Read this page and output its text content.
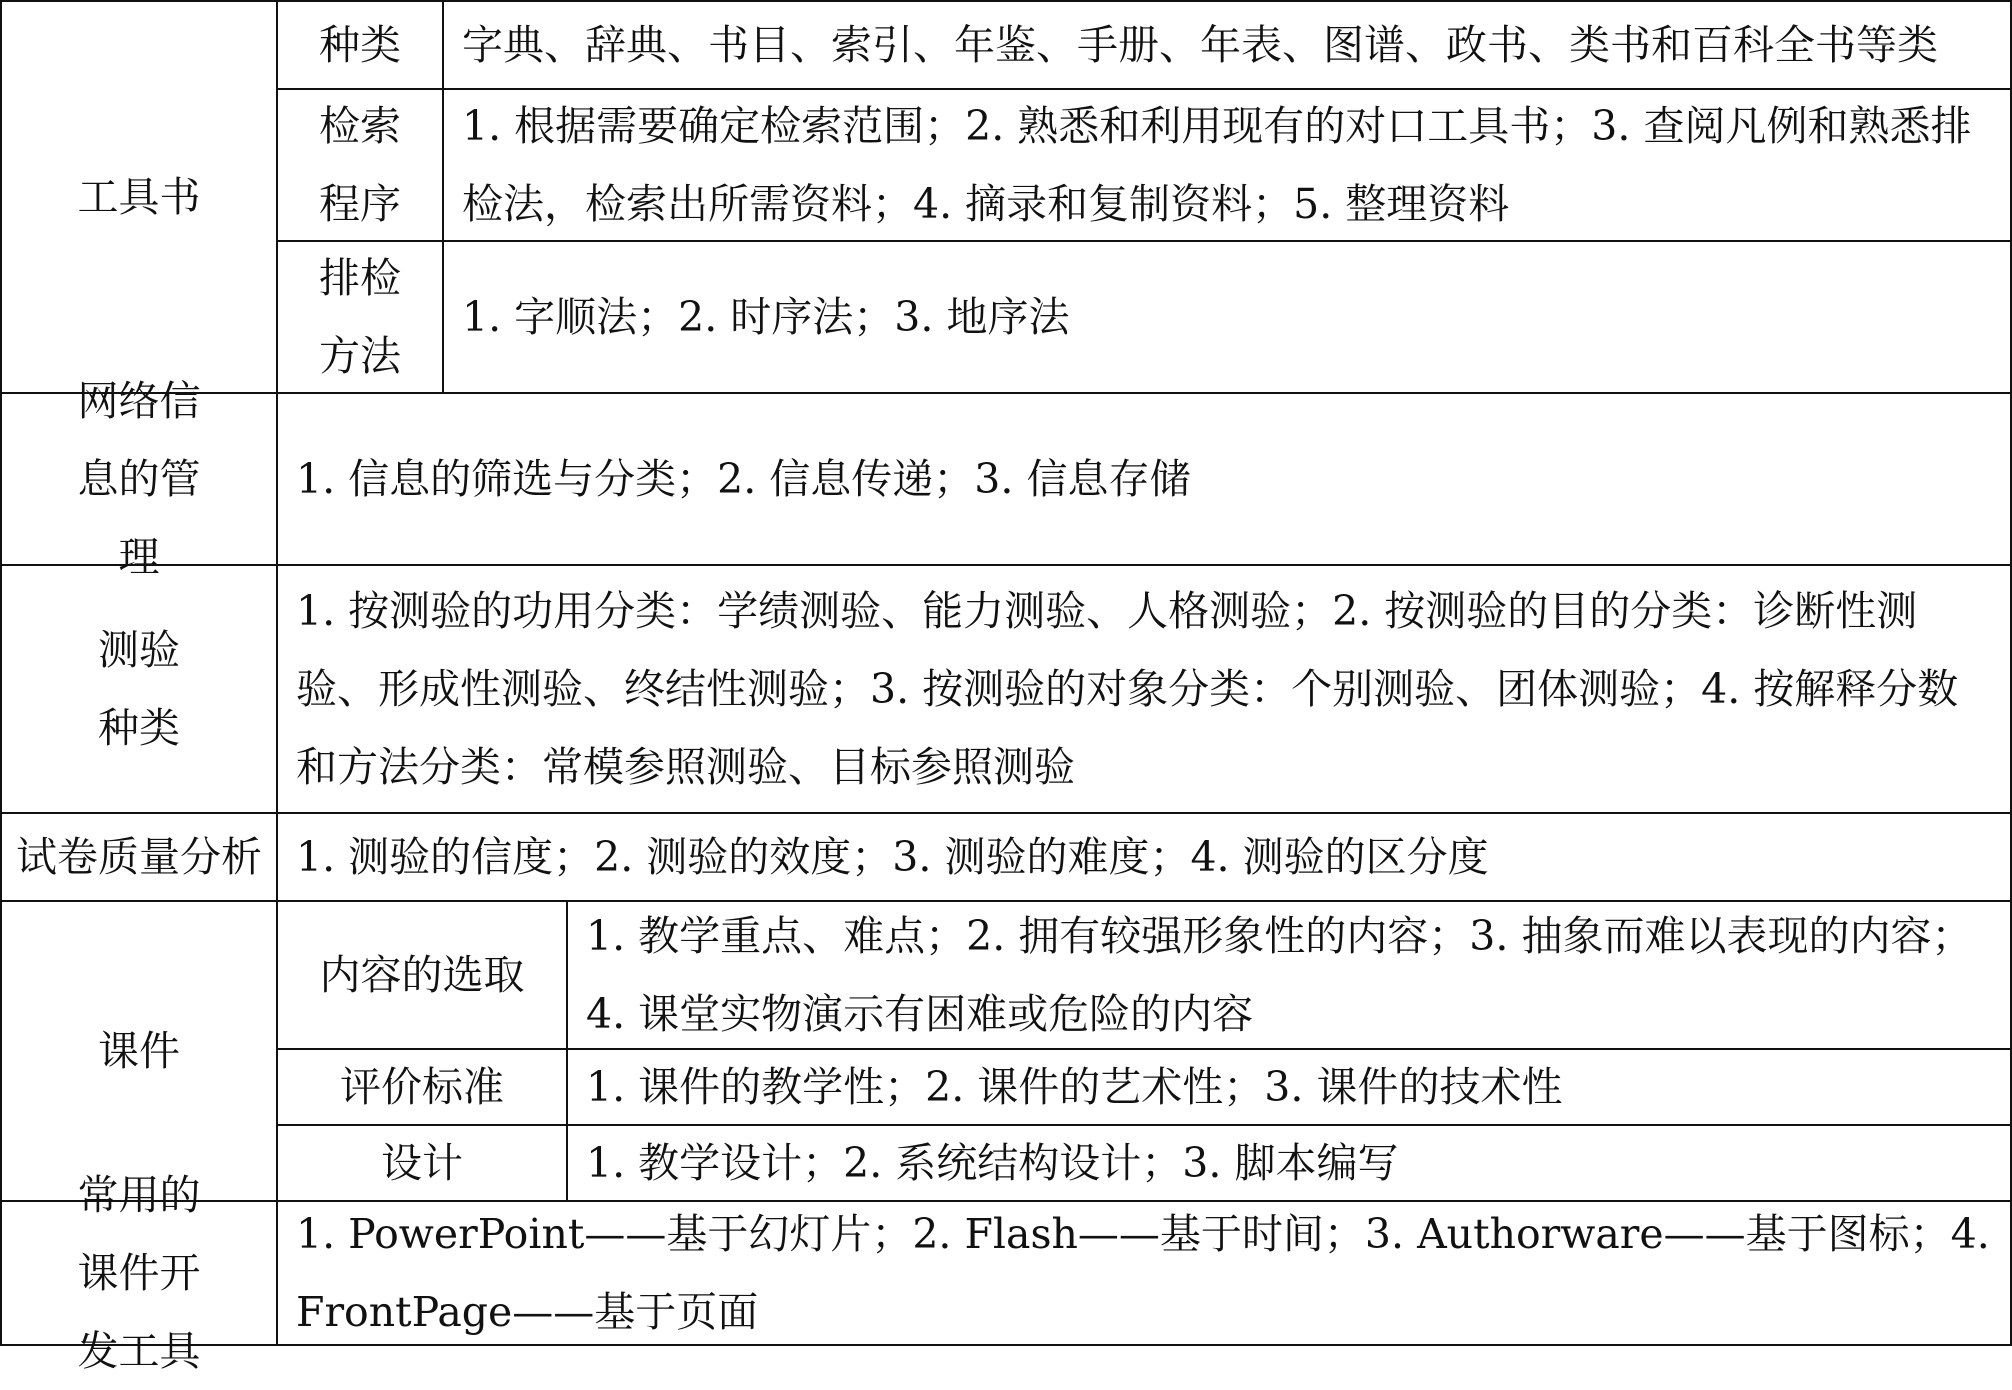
工具书
种类 字典、辞典、书目、索引、年鉴、手册、年表、图谱、政书、类书和百科全书等类
检索程序
1. 根据需要确定检索范围；2. 熟悉和利用现有的对口工具书；3. 查阅凡例和熟悉排检法，检索出所需资料；4. 摘录和复制资料；5. 整理资料
排检方法
1. 字顺法；2. 时序法；3. 地序法
网络信息的管理
1. 信息的筛选与分类；2. 信息传递；3. 信息存储
测验种类
1. 按测验的功用分类：学绩测验、能力测验、人格测验；2. 按测验的目的分类：诊断性测验、形成性测验、终结性测验；3. 按测验的对象分类：个别测验、团体测验；4. 按解释分数和方法分类：常模参照测验、目标参照测验
试卷质量分析 1. 测验的信度；2. 测验的效度；3. 测验的难度；4. 测验的区分度
课件
内容的选取
1. 教学重点、难点；2. 拥有较强形象性的内容；3. 抽象而难以表现的内容；
4. 课堂实物演示有困难或危险的内容
评价标准 1. 课件的教学性；2. 课件的艺术性；3. 课件的技术性
设计	1. 教学设计；2. 系统结构设计；3. 脚本编写
常用的课件开发工具
1. PowerPoint——基于幻灯片；2. Flash——基于时间；3. Authorware——基于图标；4. FrontPage——基于页面
